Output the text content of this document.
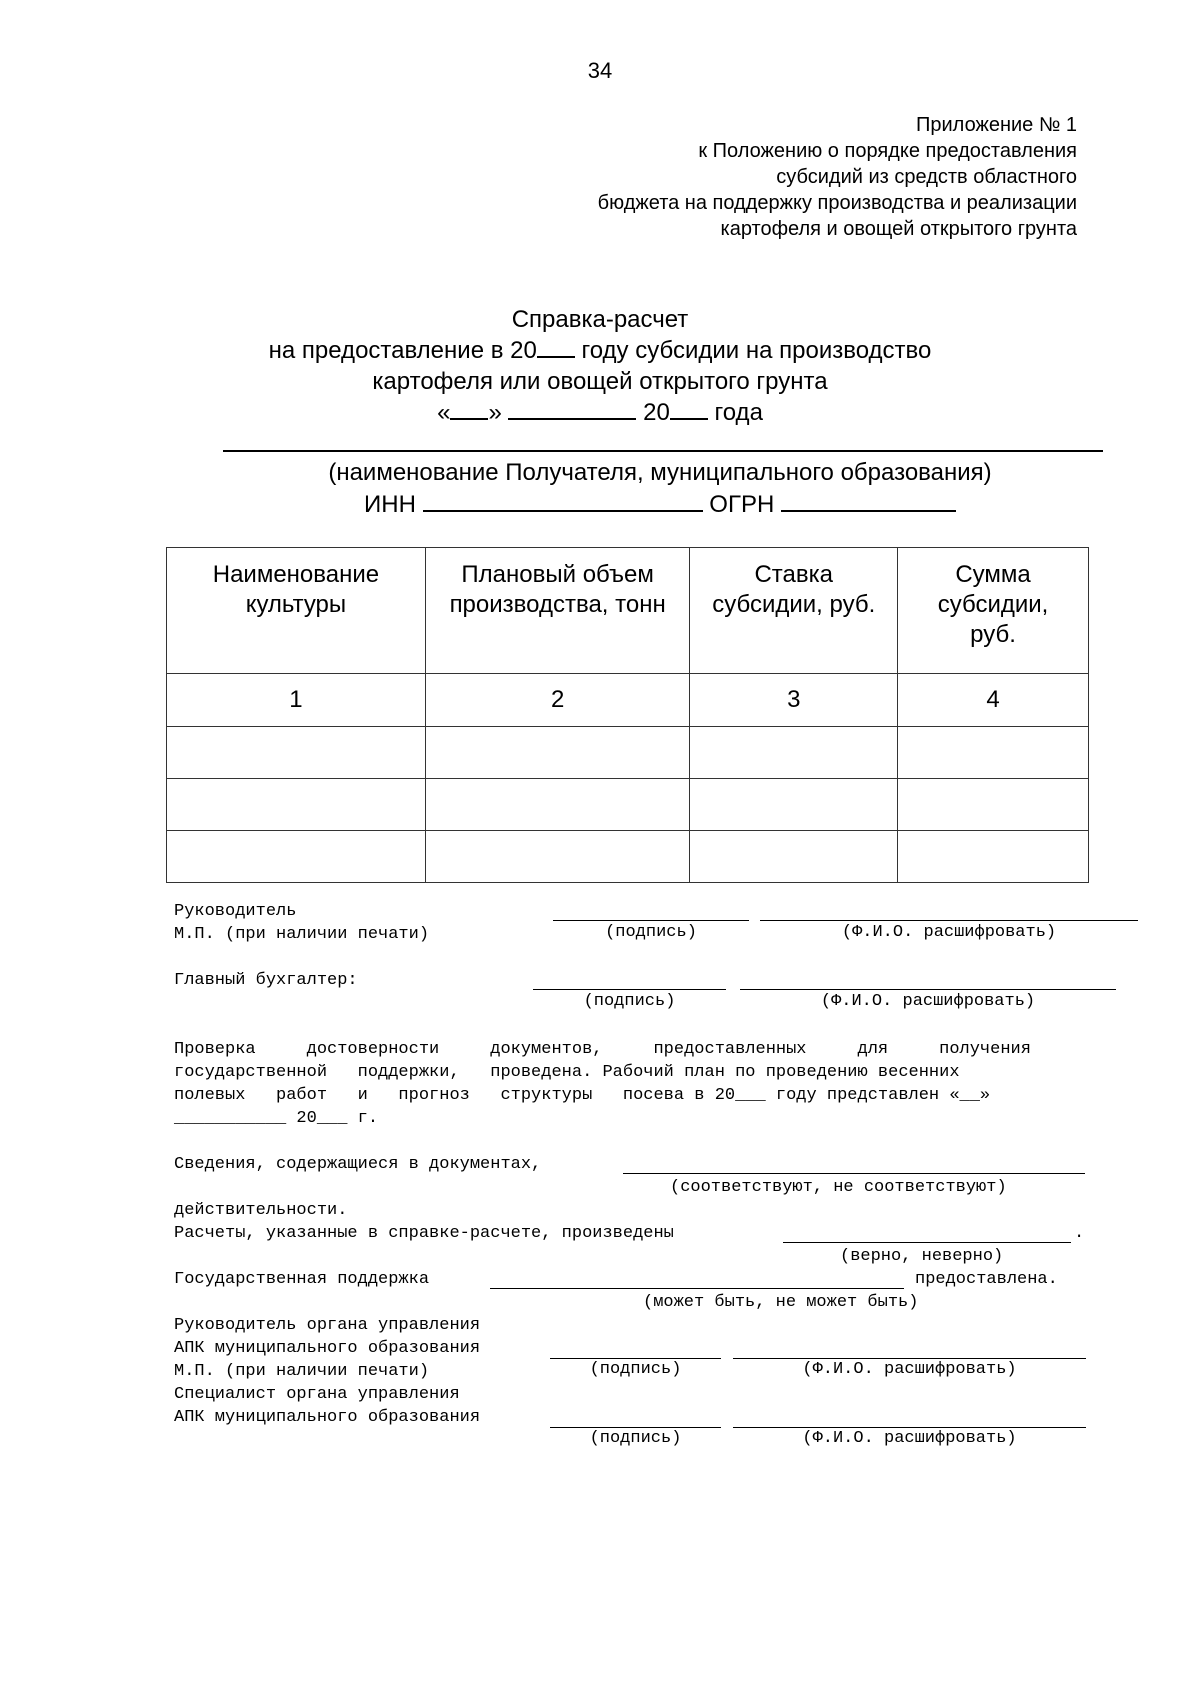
34
Приложение № 1
к Положению о порядке предоставления
субсидий из средств областного
бюджета на поддержку производства и реализации
картофеля и овощей открытого грунта
Справка-расчет
на предоставление в 20 году субсидии на производство
картофеля или овощей открытого грунта
« »	20 года
(наименование Получателя, муниципального образования)
ИНН	ОГРН
Наименование культуры	Плановый объем производства, тонн	Ставка субсидии, руб.	Сумма субсидии, руб.

1	2	3	4

Руководитель
М.П. (при наличии печати)	(подпись)	(Ф.И.О. расшифровать)
Главный бухгалтер:
(подпись)	(Ф.И.О. расшифровать)
Проверка     достоверности     документов,     предоставленных     для     получения
государственной   поддержки,   проведена. Рабочий план по проведению весенних
полевых   работ   и   прогноз   структуры   посева в 20___ году представлен «__»
___________ 20___ г.
Сведения, содержащиеся в документах,
(соответствуют, не соответствуют)
действительности.
Расчеты, указанные в справке-расчете, произведены	.
(верно, неверно)
Государственная поддержка	предоставлена.
(может быть, не может быть)
Руководитель органа управления
АПК муниципального образования
М.П. (при наличии печати)	(подпись)	(Ф.И.О. расшифровать)
Специалист органа управления
АПК муниципального образования
(подпись)	(Ф.И.О. расшифровать)
